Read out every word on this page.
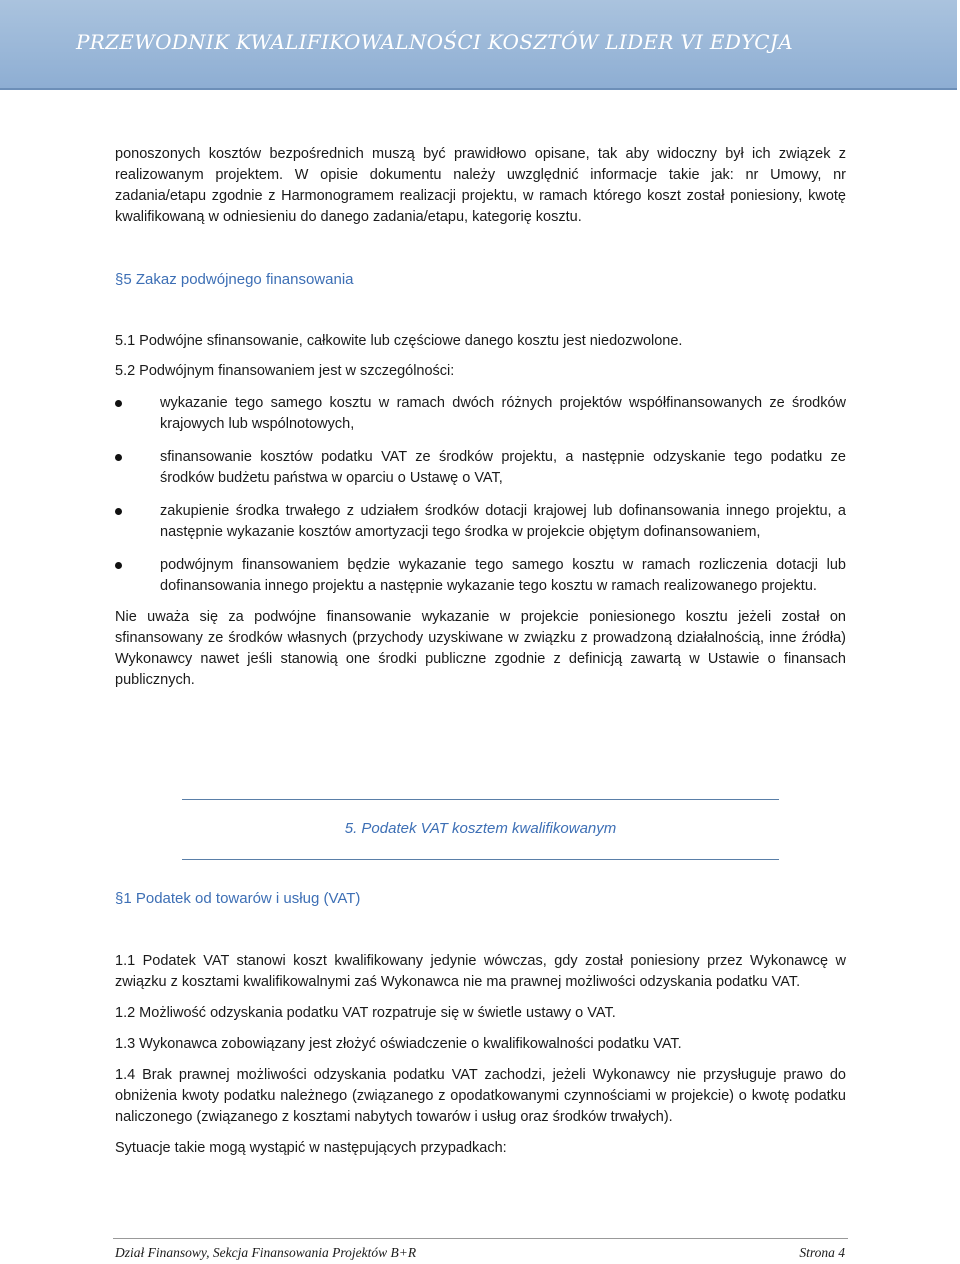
PRZEWODNIK KWALIFIKOWALNOŚCI KOSZTÓW LIDER VI EDYCJA

ponoszonych kosztów bezpośrednich muszą być prawidłowo opisane, tak aby widoczny był ich związek z realizowanym projektem. W opisie dokumentu należy uwzględnić informacje takie jak: nr Umowy, nr zadania/etapu zgodnie z Harmonogramem realizacji projektu, w ramach którego koszt został poniesiony, kwotę kwalifikowaną w odniesieniu do danego zadania/etapu, kategorię kosztu.

§5 Zakaz podwójnego finansowania

5.1 Podwójne sfinansowanie, całkowite lub częściowe danego kosztu jest niedozwolone.

5.2 Podwójnym finansowaniem jest w szczególności:

wykazanie tego samego kosztu w ramach dwóch różnych projektów współfinansowanych ze środków krajowych lub wspólnotowych,
sfinansowanie kosztów podatku VAT ze środków projektu, a następnie odzyskanie tego podatku ze środków budżetu państwa w oparciu o Ustawę o VAT,
zakupienie środka trwałego z udziałem środków dotacji krajowej lub dofinansowania innego projektu, a następnie wykazanie kosztów amortyzacji tego środka w projekcie objętym dofinansowaniem,
podwójnym finansowaniem będzie wykazanie tego samego kosztu w ramach rozliczenia dotacji lub dofinansowania innego projektu a następnie wykazanie tego kosztu w ramach realizowanego projektu.

Nie uważa się za podwójne finansowanie wykazanie w projekcie poniesionego kosztu jeżeli został on sfinansowany ze środków własnych (przychody uzyskiwane w związku z prowadzoną działalnością, inne źródła) Wykonawcy nawet jeśli stanowią one środki publiczne zgodnie z definicją zawartą w Ustawie o finansach publicznych.

5. Podatek VAT kosztem kwalifikowanym
§1 Podatek od towarów i usług (VAT)

1.1 Podatek VAT stanowi koszt kwalifikowany jedynie wówczas, gdy został poniesiony przez Wykonawcę w związku z kosztami kwalifikowalnymi zaś Wykonawca nie ma prawnej możliwości odzyskania podatku VAT.

1.2 Możliwość odzyskania podatku VAT rozpatruje się w świetle ustawy o VAT.

1.3 Wykonawca zobowiązany jest złożyć oświadczenie o kwalifikowalności podatku VAT.

1.4 Brak prawnej możliwości odzyskania podatku VAT zachodzi, jeżeli Wykonawcy nie przysługuje prawo do obniżenia kwoty podatku należnego (związanego z opodatkowanymi czynnościami w projekcie) o kwotę podatku naliczonego (związanego z kosztami nabytych towarów i usług oraz środków trwałych).

Sytuacje takie mogą wystąpić w następujących przypadkach:

Dział Finansowy, Sekcja Finansowania Projektów B+R	Strona 4
